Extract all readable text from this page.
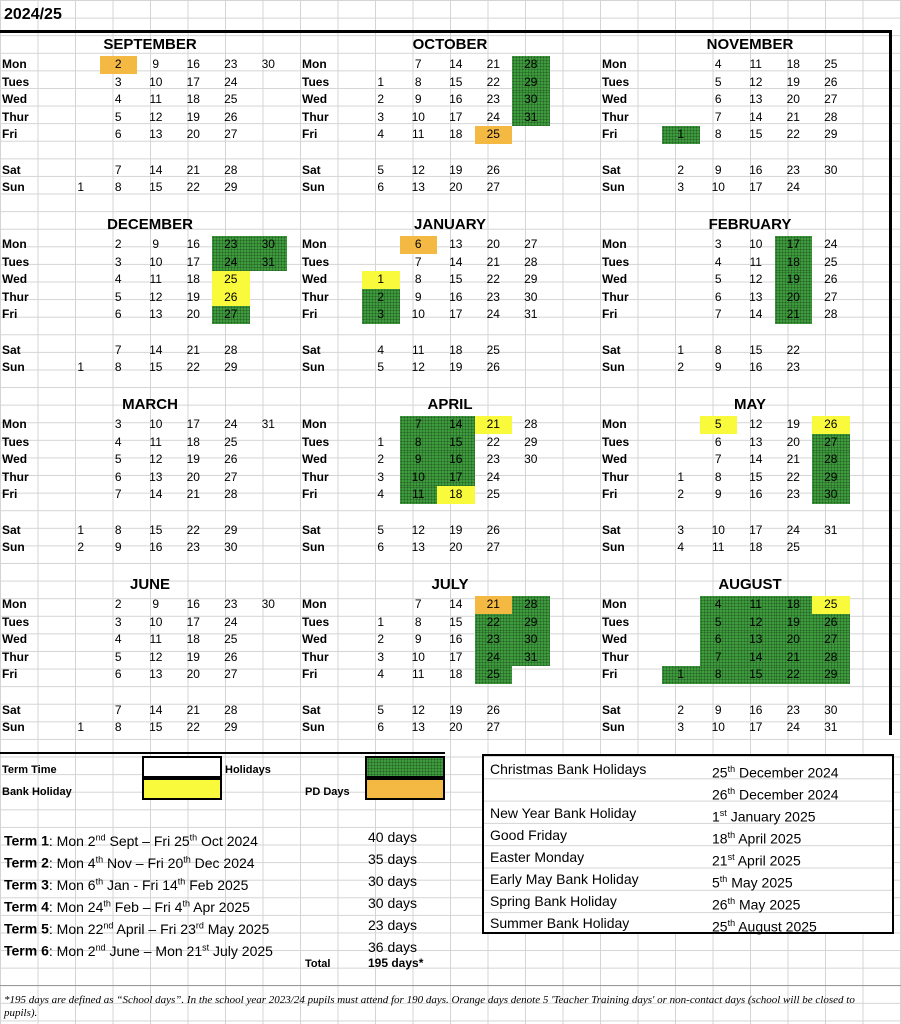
2024/25
SEPTEMBER
Mon	2	9	16	23	30
Tues	3	10	17	24
Wed	4	11	18	25
Thur	5	12	19	26
Fri	6	13	20	27
Sat	7	14	21	28
Sun	1	8	15	22	29
OCTOBER
Mon	7	14	21	28
Tues	1	8	15	22	29
Wed	2	9	16	23	30
Thur	3	10	17	24	31
Fri	4	11	18	25
Sat	5	12	19	26
Sun	6	13	20	27
NOVEMBER
Mon	4	11	18	25
Tues	5	12	19	26
Wed	6	13	20	27
Thur	7	14	21	28
Fri	1	8	15	22	29
Sat	2	9	16	23	30
Sun	3	10	17	24
DECEMBER
Mon	2	9	16	23	30
Tues	3	10	17	24	31
Wed	4	11	18	25
Thur	5	12	19	26
Fri	6	13	20	27
Sat	7	14	21	28
Sun	1	8	15	22	29
JANUARY
Mon	6	13	20	27
Tues	7	14	21	28
Wed	1	8	15	22	29
Thur	2	9	16	23	30
Fri	3	10	17	24	31
Sat	4	11	18	25
Sun	5	12	19	26
FEBRUARY
Mon	3	10	17	24
Tues	4	11	18	25
Wed	5	12	19	26
Thur	6	13	20	27
Fri	7	14	21	28
Sat	1	8	15	22
Sun	2	9	16	23
MARCH
Mon	3	10	17	24	31
Tues	4	11	18	25
Wed	5	12	19	26
Thur	6	13	20	27
Fri	7	14	21	28
Sat	1	8	15	22	29
Sun	2	9	16	23	30
APRIL
Mon	7	14	21	28
Tues	1	8	15	22	29
Wed	2	9	16	23	30
Thur	3	10	17	24
Fri	4	11	18	25
Sat	5	12	19	26
Sun	6	13	20	27
MAY
Mon	5	12	19	26
Tues	6	13	20	27
Wed	7	14	21	28
Thur	1	8	15	22	29
Fri	2	9	16	23	30
Sat	3	10	17	24	31
Sun	4	11	18	25
JUNE
Mon	2	9	16	23	30
Tues	3	10	17	24
Wed	4	11	18	25
Thur	5	12	19	26
Fri	6	13	20	27
Sat	7	14	21	28
Sun	1	8	15	22	29
JULY
Mon	7	14	21	28
Tues	1	8	15	22	29
Wed	2	9	16	23	30
Thur	3	10	17	24	31
Fri	4	11	18	25
Sat	5	12	19	26
Sun	6	13	20	27
AUGUST
Mon	4	11	18	25
Tues	5	12	19	26
Wed	6	13	20	27
Thur	7	14	21	28
Fri	1	8	15	22	29
Sat	2	9	16	23	30
Sun	3	10	17	24	31
Term Time	Holidays
Bank Holiday	PD Days
Term 1: Mon 2nd Sept – Fri 25th Oct 2024	40 days
Term 2: Mon 4th Nov – Fri 20th Dec 2024	35 days
Term 3: Mon 6th Jan - Fri 14th Feb 2025	30 days
Term 4: Mon 24th Feb – Fri 4th Apr 2025	30 days
Term 5: Mon 22nd April – Fri 23rd May 2025	23 days
Term 6: Mon 2nd June – Mon 21st July 2025	36 days
Total	195 days*
Christmas Bank Holidays	25th December 2024
26th December 2024
New Year Bank Holiday	1st January 2025
Good Friday	18th April 2025
Easter Monday	21st April 2025
Early May Bank Holiday	5th May 2025
Spring Bank Holiday	26th May 2025
Summer Bank Holiday	25th August 2025
*195 days are defined as “School days”. In the school year 2023/24 pupils must attend for 190 days. Orange days denote 5 'Teacher Training days' or non-contact days (school will be closed to pupils).
